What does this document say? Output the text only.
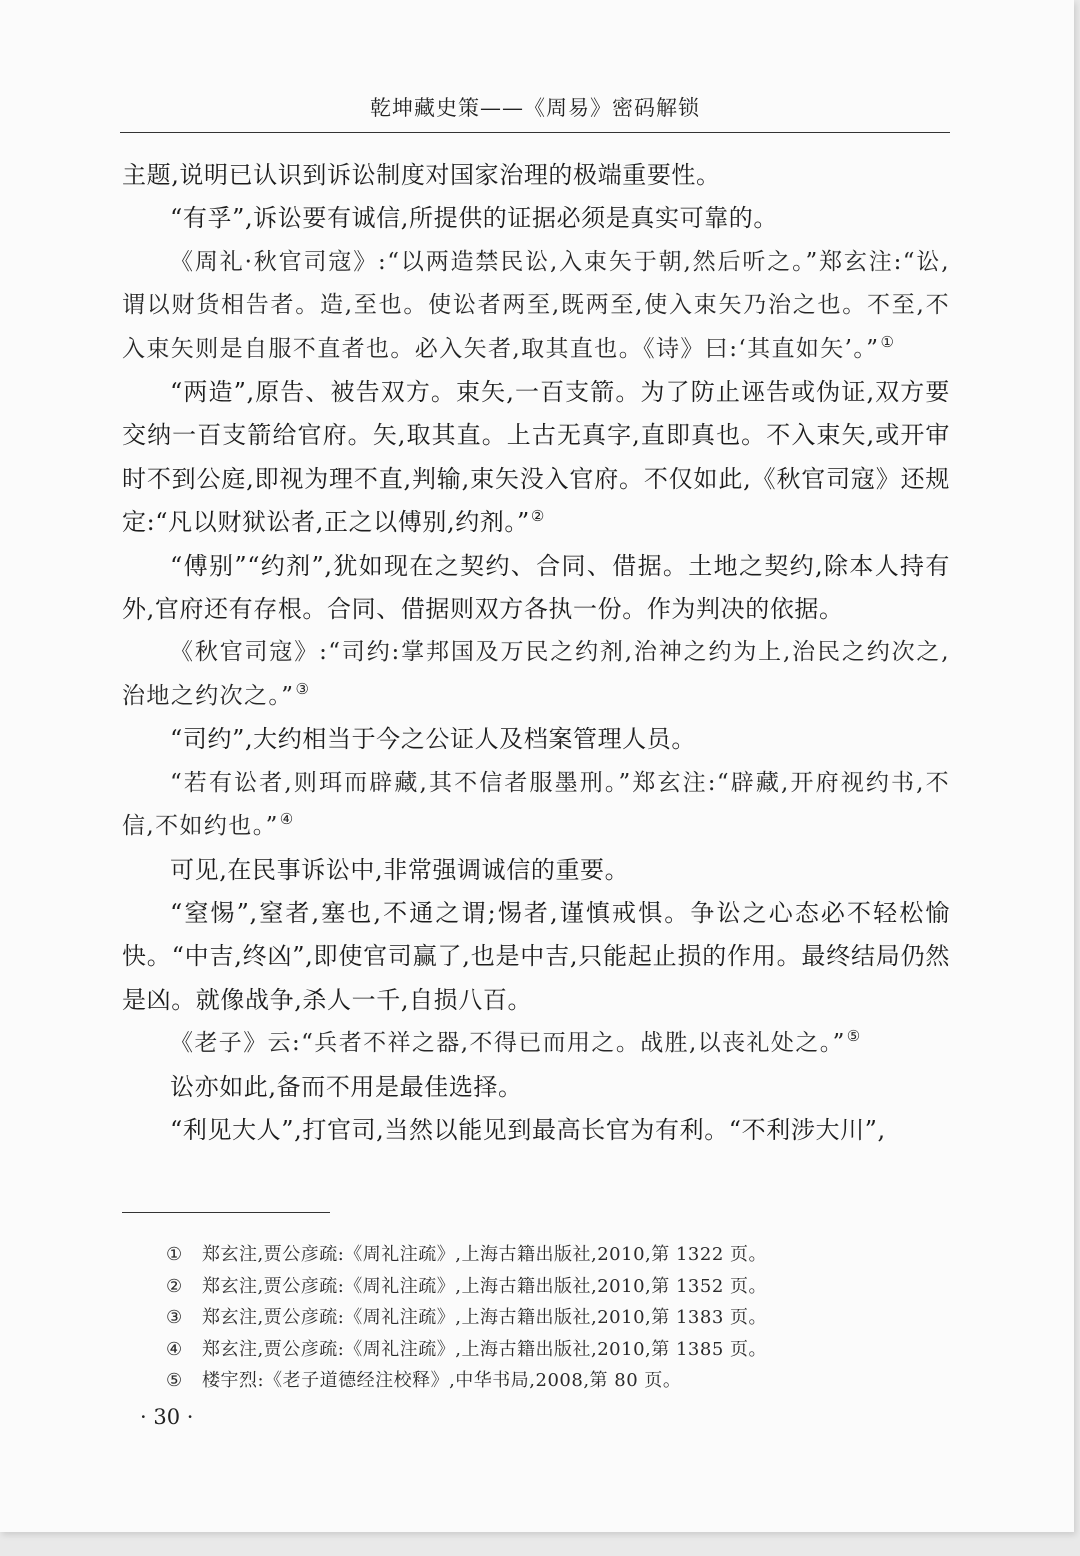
乾坤藏史策——《周易》密码解锁

主题,说明已认识到诉讼制度对国家治理的极端重要性。

“有孚”,诉讼要有诚信,所提供的证据必须是真实可靠的。

《周礼·秋官司寇》:“以两造禁民讼,入束矢于朝,然后听之。”郑玄注:“讼,谓以财货相告者。造,至也。使讼者两至,既两至,使入束矢乃治之也。不至,不入束矢则是自服不直者也。必入矢者,取其直也。《诗》曰:‘其直如矢’。”①

“两造”,原告、被告双方。束矢,一百支箭。为了防止诬告或伪证,双方要交纳一百支箭给官府。矢,取其直。上古无真字,直即真也。不入束矢,或开审时不到公庭,即视为理不直,判输,束矢没入官府。不仅如此,《秋官司寇》还规定:“凡以财狱讼者,正之以傅别,约剂。”②

“傅别”“约剂”,犹如现在之契约、合同、借据。土地之契约,除本人持有外,官府还有存根。合同、借据则双方各执一份。作为判决的依据。

《秋官司寇》:“司约:掌邦国及万民之约剂,治神之约为上,治民之约次之,治地之约次之。”③

“司约”,大约相当于今之公证人及档案管理人员。

“若有讼者,则珥而辟藏,其不信者服墨刑。”郑玄注:“辟藏,开府视约书,不信,不如约也。”④

可见,在民事诉讼中,非常强调诚信的重要。

“窒惕”,窒者,塞也,不通之谓;惕者,谨慎戒惧。争讼之心态必不轻松愉快。“中吉,终凶”,即使官司赢了,也是中吉,只能起止损的作用。最终结局仍然是凶。就像战争,杀人一千,自损八百。

《老子》云:“兵者不祥之器,不得已而用之。战胜,以丧礼处之。”⑤

讼亦如此,备而不用是最佳选择。

“利见大人”,打官司,当然以能见到最高长官为有利。“不利涉大川”,

① 郑玄注,贾公彦疏:《周礼注疏》,上海古籍出版社,2010,第 1322 页。
② 郑玄注,贾公彦疏:《周礼注疏》,上海古籍出版社,2010,第 1352 页。
③ 郑玄注,贾公彦疏:《周礼注疏》,上海古籍出版社,2010,第 1383 页。
④ 郑玄注,贾公彦疏:《周礼注疏》,上海古籍出版社,2010,第 1385 页。
⑤ 楼宇烈:《老子道德经注校释》,中华书局,2008,第 80 页。
· 30 ·
